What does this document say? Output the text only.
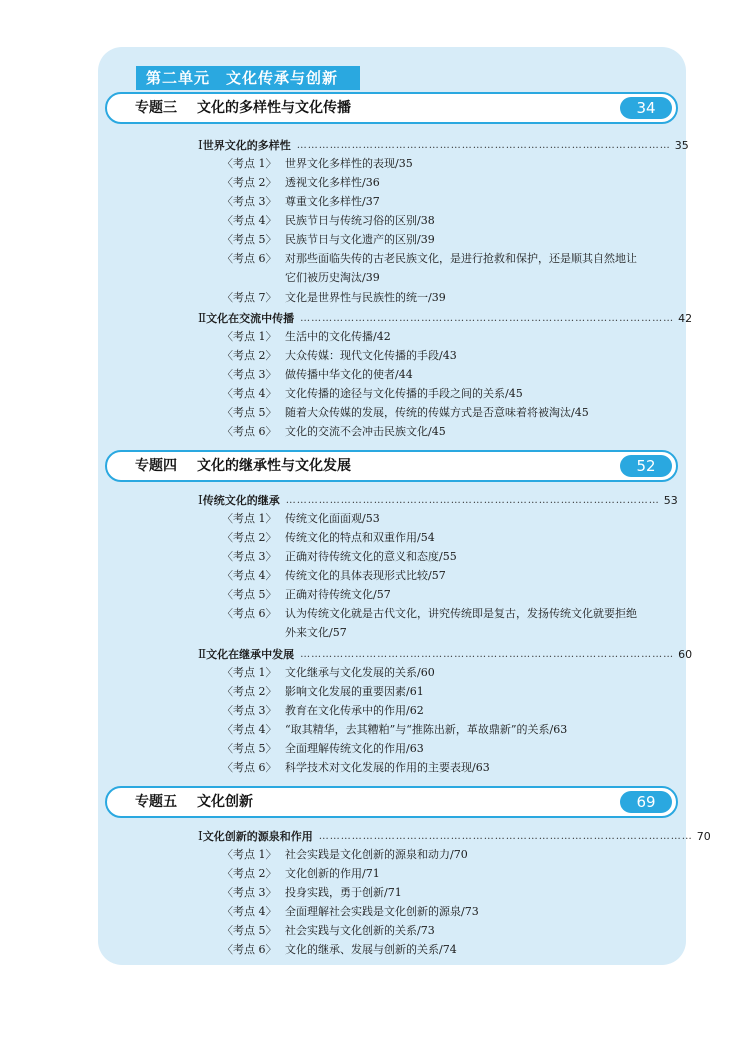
第二单元　文化传承与创新
专题三 文化的多样性与文化传播	34
Ⅰ 世界文化的多样性 ………………………………………………………………………………………… 35
〈考点 1〉 世界文化多样性的表现/35
〈考点 2〉 透视文化多样性/36
〈考点 3〉 尊重文化多样性/37
〈考点 4〉 民族节日与传统习俗的区别/38
〈考点 5〉 民族节日与文化遗产的区别/39
〈考点 6〉 对那些面临失传的古老民族文化，是进行抢救和保护，还是顺其自然地让它们被历史淘汰/39
〈考点 7〉 文化是世界性与民族性的统一/39
Ⅱ 文化在交流中传播 ………………………………………………………………………………………… 42
〈考点 1〉 生活中的文化传播/42
〈考点 2〉 大众传媒：现代文化传播的手段/43
〈考点 3〉 做传播中华文化的使者/44
〈考点 4〉 文化传播的途径与文化传播的手段之间的关系/45
〈考点 5〉 随着大众传媒的发展，传统的传媒方式是否意味着将被淘汰/45
〈考点 6〉 文化的交流不会冲击民族文化/45
专题四 文化的继承性与文化发展	52
Ⅰ 传统文化的继承 ………………………………………………………………………………………… 53
〈考点 1〉 传统文化面面观/53
〈考点 2〉 传统文化的特点和双重作用/54
〈考点 3〉 正确对待传统文化的意义和态度/55
〈考点 4〉 传统文化的具体表现形式比较/57
〈考点 5〉 正确对待传统文化/57
〈考点 6〉 认为传统文化就是古代文化，讲究传统即是复古，发扬传统文化就要拒绝外来文化/57
Ⅱ 文化在继承中发展 ………………………………………………………………………………………… 60
〈考点 1〉 文化继承与文化发展的关系/60
〈考点 2〉 影响文化发展的重要因素/61
〈考点 3〉 教育在文化传承中的作用/62
〈考点 4〉 “取其精华，去其糟粕”与“推陈出新，革故鼎新”的关系/63
〈考点 5〉 全面理解传统文化的作用/63
〈考点 6〉 科学技术对文化发展的作用的主要表现/63
专题五 文化创新	69
Ⅰ 文化创新的源泉和作用 ………………………………………………………………………………………… 70
〈考点 1〉 社会实践是文化创新的源泉和动力/70
〈考点 2〉 文化创新的作用/71
〈考点 3〉 投身实践，勇于创新/71
〈考点 4〉 全面理解社会实践是文化创新的源泉/73
〈考点 5〉 社会实践与文化创新的关系/73
〈考点 6〉 文化的继承、发展与创新的关系/74
